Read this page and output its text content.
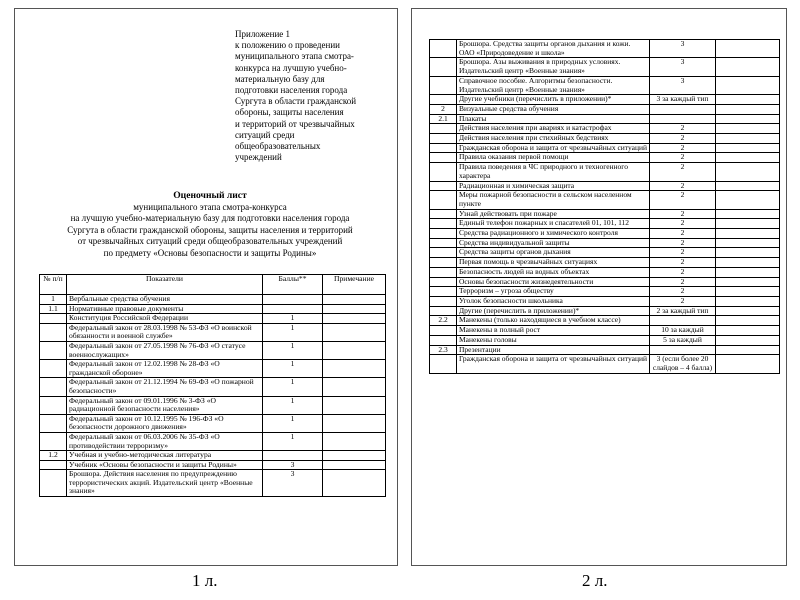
Приложение 1
к положению о проведении
муниципального этапа смотра-
конкурса на лучшую учебно-
материальную базу для
подготовки населения города
Сургута в области гражданской
обороны, защиты населения
и территорий от чрезвычайных
ситуаций среди
общеобразовательных
учреждений
Оценочный лист
муниципального этапа смотра-конкурса
на лучшую учебно-материальную базу для подготовки населения города
Сургута в области гражданской обороны, защиты населения и территорий
от чрезвычайных ситуаций среди общеобразовательных учреждений
по предмету «Основы безопасности и защиты Родины»
№ п/п	Показатели	Баллы**	Примечание
1	Вербальные средства обучения		
1.1	Нормативные правовые документы		
	Конституция Российской Федерации	1	
	Федеральный закон от 28.03.1998 № 53-ФЗ «О воинской обязанности и военной службе»	1	
	Федеральный закон от 27.05.1998 № 76-ФЗ «О статусе военнослужащих»	1	
	Федеральный закон от 12.02.1998 № 28-ФЗ «О гражданской обороне»	1	
	Федеральный закон от 21.12.1994 № 69-ФЗ «О пожарной безопасности»	1	
	Федеральный закон от 09.01.1996 № 3-ФЗ «О радиационной безопасности населения»	1	
	Федеральный закон от 10.12.1995 № 196-ФЗ «О безопасности дорожного движения»	1	
	Федеральный закон от 06.03.2006 № 35-ФЗ «О противодействии терроризму»	1	
1.2	Учебная и учебно-методическая литература		
	Учебник «Основы безопасности и защиты Родины»	3	
	Брошюра. Действия населения по предупреждению террористических акций. Издательский центр «Военные знания»	3	
	Брошюра. Средства защиты органов дыхания и кожи. ОАО «Природоведение и школа»	3	
	Брошюра. Азы выживания в природных условиях. Издательский центр «Военные знания»	3	
	Справочное пособие. Алгоритмы безопасности. Издательский центр «Военные знания»	3	
	Другие учебники (перечислить в приложении)*	3 за каждый тип	
2	Визуальные средства обучения		
2.1	Плакаты		
	Действия населения при авариях и катастрофах	2	
	Действия населения при стихийных бедствиях	2	
	Гражданская оборона и защита от чрезвычайных ситуаций	2	
	Правила оказания первой помощи	2	
	Правила поведения в ЧС природного и техногенного характера	2	
	Радиационная и химическая защита	2	
	Меры пожарной безопасности в сельском населенном пункте	2	
	Узнай действовать при пожаре	2	
	Единый телефон пожарных и спасателей 01, 101, 112	2	
	Средства радиационного и химического контроля	2	
	Средства индивидуальной защиты	2	
	Средства защиты органов дыхания	2	
	Первая помощь в чрезвычайных ситуациях	2	
	Безопасность людей на водных объектах	2	
	Основы безопасности жизнедеятельности	2	
	Терроризм – угроза обществу	2	
	Уголок безопасности школьника	2	
	Другие (перечислить в приложении)*	2 за каждый тип	
2.2	Манекены (только находящиеся в учебном классе)		
	Манекены в полный рост	10 за каждый	
	Манекены головы	5 за каждый	
2.3	Презентации		
	Гражданская оборона и защита от чрезвычайных ситуаций	3 (если более 20 слайдов – 4 балла)	
1 л.	2 л.
